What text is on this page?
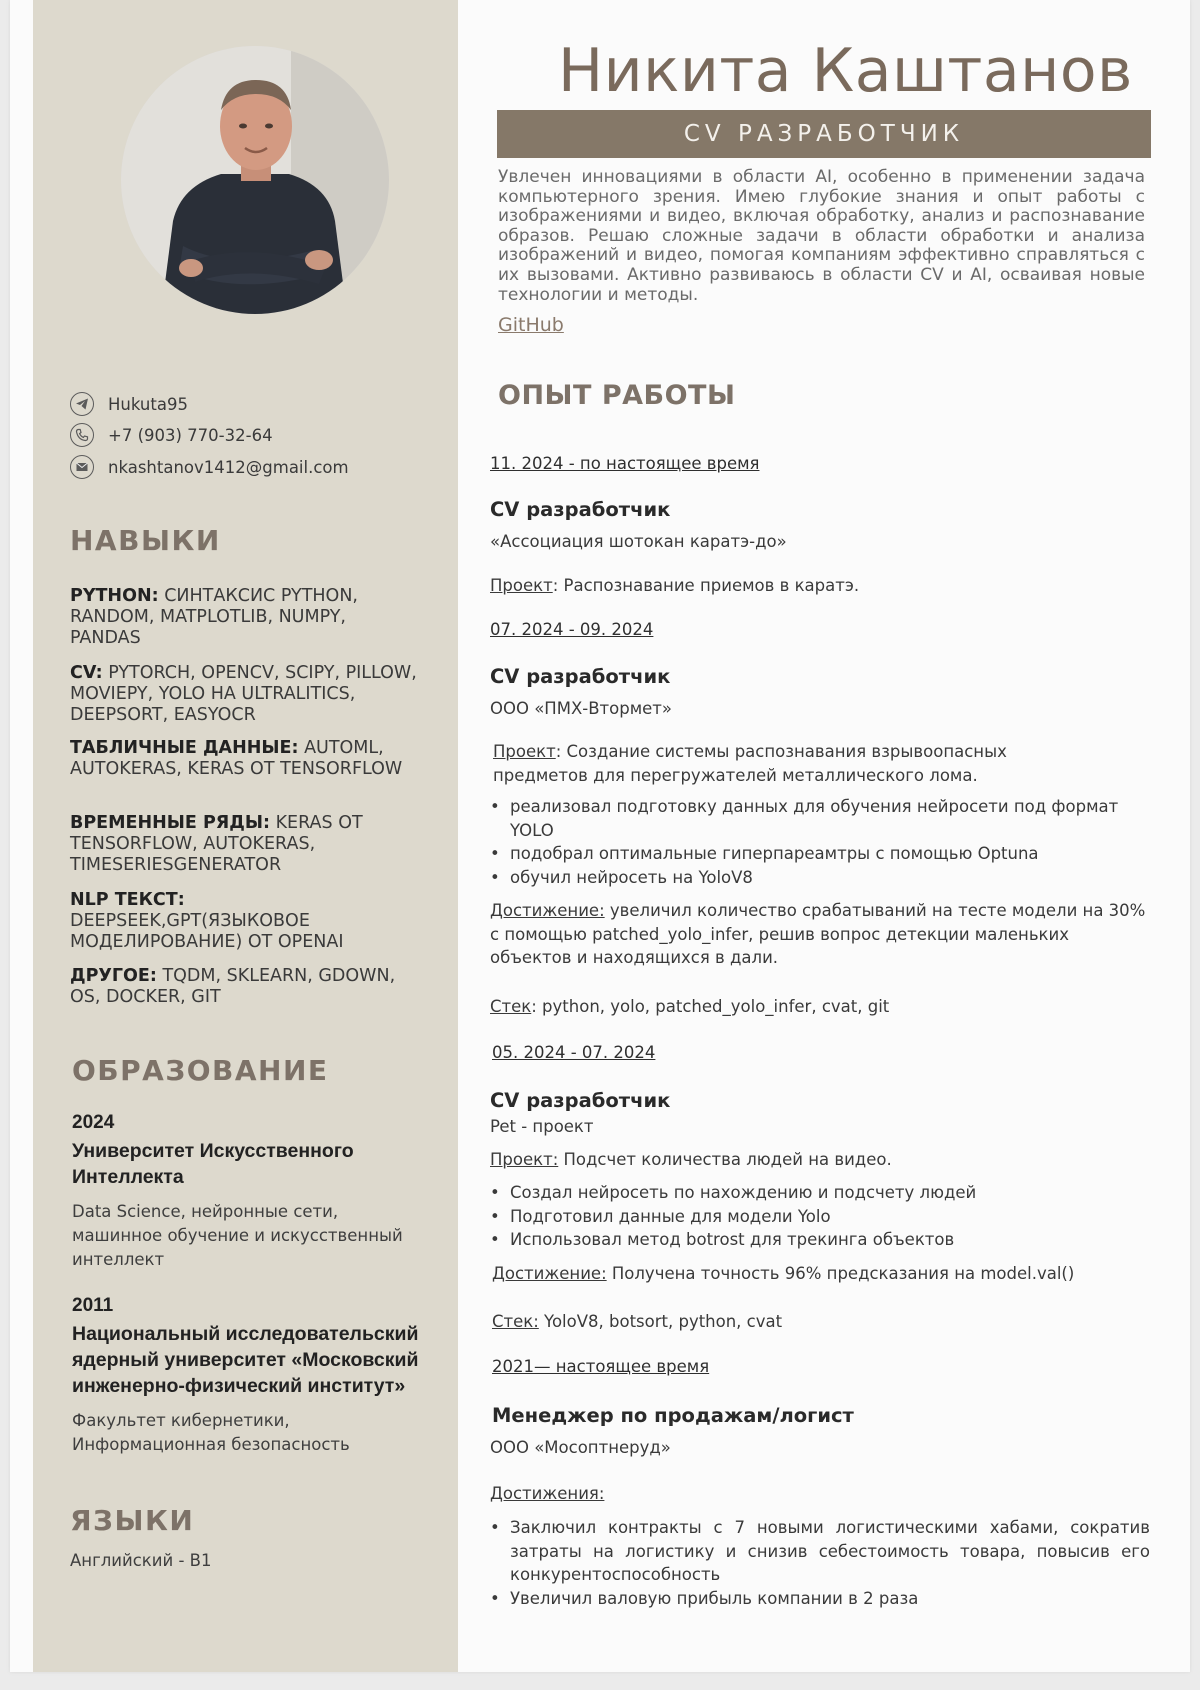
Hukuta95
+7 (903) 770-32-64
nkashtanov1412@gmail.com
НАВЫКИ
PYTHON: СИНТАКСИС PYTHON, RANDOM, MATPLOTLIB, NUMPY, PANDAS
CV: PYTORCH, OPENCV, SCIPY, PILLOW, MOVIEPY, YOLO НА ULTRALITICS, DEEPSORT, EASYOCR
ТАБЛИЧНЫЕ ДАННЫЕ: AUTOML, AUTOKERAS, KERAS ОТ TENSORFLOW
ВРЕМЕННЫЕ РЯДЫ: KERAS ОТ TENSORFLOW, AUTOKERAS, TIMESERIESGENERATOR
NLP ТЕКСТ: DEEPSEEK,GPT(ЯЗЫКОВОЕ МОДЕЛИРОВАНИЕ) ОТ OPENAI
ДРУГОЕ: TQDM, SKLEARN, GDOWN, OS, DOCKER, GIT
ОБРАЗОВАНИЕ
2024
Университет Искусственного Интеллекта
Data Science, нейронные сети, машинное обучение и искусственный интеллект
2011
Национальный исследовательский ядерный университет «Московский инженерно-физический институт»
Факультет кибернетики, Информационная безопасность
ЯЗЫКИ
Английский - B1
Никита Каштанов
CV РАЗРАБОТЧИК
Увлечен инновациями в области AI, особенно в применении задача компьютерного зрения. Имею глубокие знания и опыт работы с изображениями и видео, включая обработку, анализ и распознавание образов. Решаю сложные задачи в области обработки и анализа изображений и видео, помогая компаниям эффективно справляться с их вызовами. Активно развиваюсь в области CV и AI, осваивая новые технологии и методы.
GitHub
ОПЫТ РАБОТЫ
11. 2024 - по настоящее время
CV разработчик
«Ассоциация шотокан каратэ-до»
Проект: Распознавание приемов в каратэ.
07. 2024 - 09. 2024
CV разработчик
ООО «ПМХ-Втормет»
Проект: Создание системы распознавания взрывоопасных предметов для перегружателей металлического лома.
• реализовал подготовку данных для обучения нейросети под формат YOLO
• подобрал оптимальные гиперпареамтры с помощью Optuna
• обучил нейросеть на YoloV8
Достижение: увеличил количество срабатываний на тесте модели на 30% с помощью patched_yolo_infer, решив вопрос детекции маленьких объектов и находящихся в дали.
Стек: python, yolo, patched_yolo_infer, cvat, git
05. 2024 - 07. 2024
CV разработчик
Pet - проект
Проект: Подсчет количества людей на видео.
• Создал нейросеть по нахождению и подсчету людей
• Подготовил данные для модели Yolo
• Использовал метод botrost для трекинга объектов
Достижение: Получена точность 96% предсказания на model.val()
Стек: YoloV8, botsort, python, cvat
2021— настоящее время
Менеджер по продажам/логист
ООО «Мосоптнеруд»
Достижения:
• Заключил контракты с 7 новыми логистическими хабами, сократив затраты на логистику и снизив себестоимость товара, повысив его конкурентоспособность
• Увеличил валовую прибыль компании в 2 раза
